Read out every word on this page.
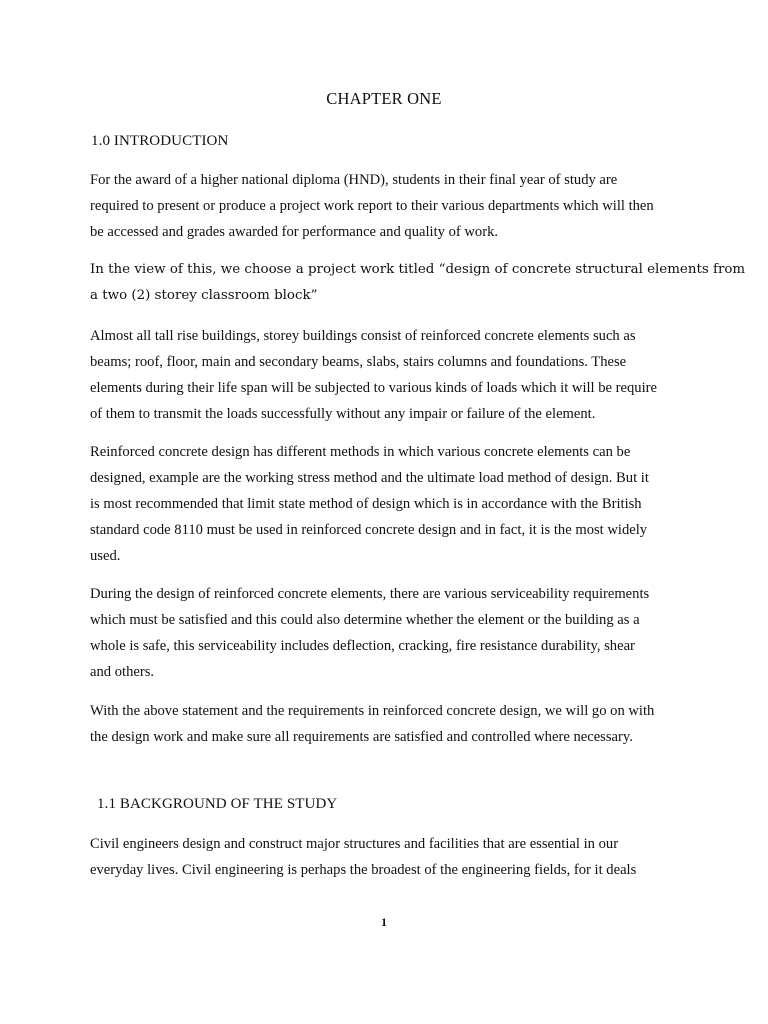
CHAPTER ONE
1.0 INTRODUCTION
For the award of a higher national diploma (HND), students in their final year of study are
required to present or produce a project work report to their various departments which will then
be accessed and grades awarded for performance and quality of work.
In the view of this, we choose a project work titled “design of concrete structural elements from
a two (2) storey classroom block”
Almost all tall rise buildings, storey buildings consist of reinforced concrete elements such as
beams; roof, floor, main and secondary beams, slabs, stairs columns and foundations. These
elements during their life span will be subjected to various kinds of loads which it will be require
of them to transmit the loads successfully without any impair or failure of the element.
Reinforced concrete design has different methods in which various concrete elements can be
designed, example are the working stress method and the ultimate load method of design. But it
is most recommended that limit state method of design which is in accordance with the British
standard code 8110 must be used in reinforced concrete design and in fact, it is the most widely
used.
During the design of reinforced concrete elements, there are various serviceability requirements
which must be satisfied and this could also determine whether the element or the building as a
whole is safe, this serviceability includes deflection, cracking, fire resistance durability, shear
and others.
With the above statement and the requirements in reinforced concrete design, we will go on with
the design work and make sure all requirements are satisfied and controlled where necessary.
1.1 BACKGROUND OF THE STUDY
Civil engineers design and construct major structures and facilities that are essential in our
everyday lives. Civil engineering is perhaps the broadest of the engineering fields, for it deals
1
